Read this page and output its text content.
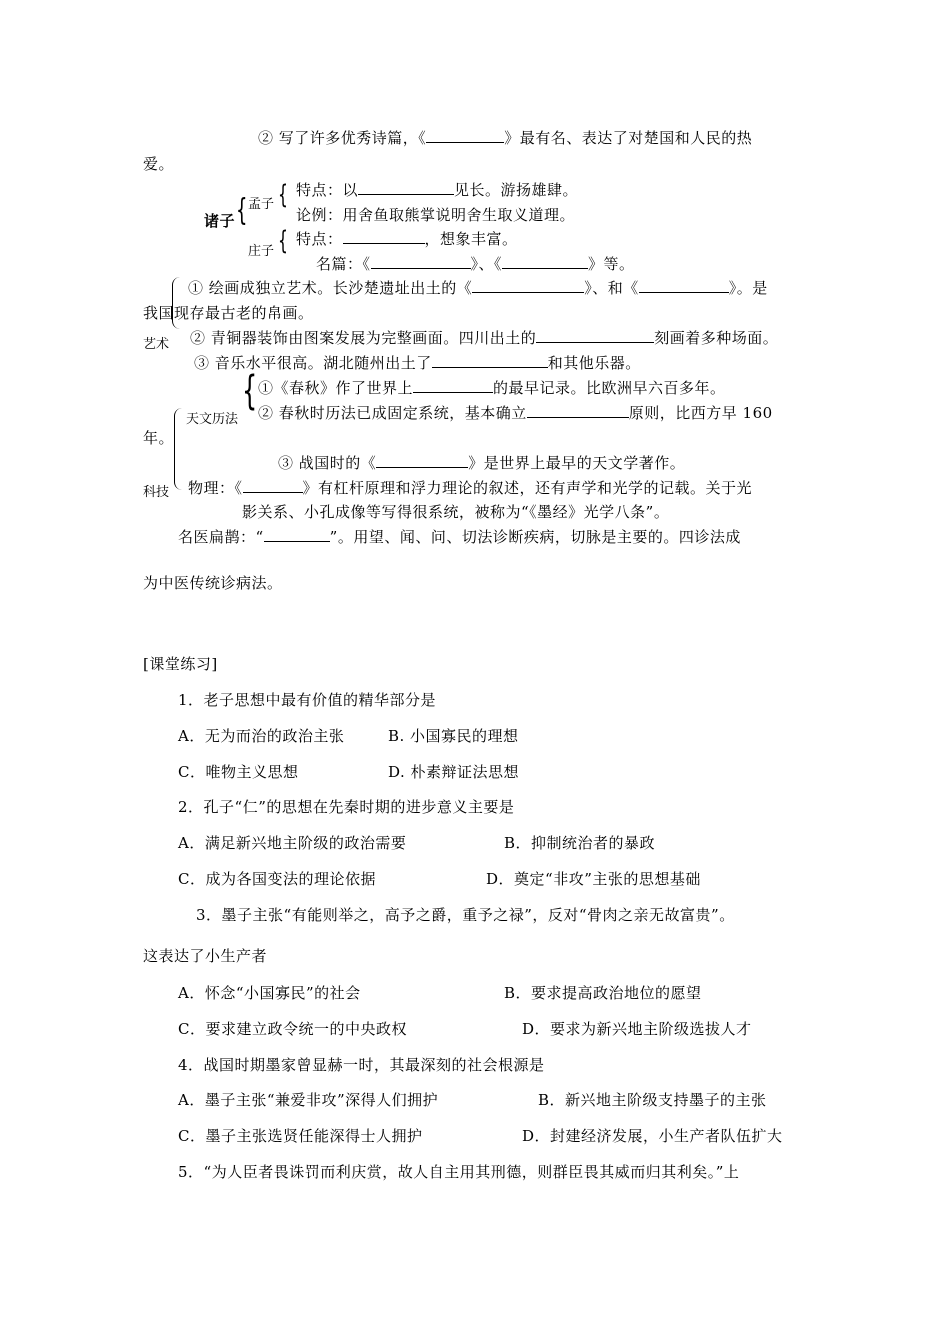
② 写了许多优秀诗篇，《	》最有名、表达了对楚国和人民的热
爱。
诸子 { 孟子
庄子
{
{
特点：以	见长。游扬雄肆。
论例：用舍鱼取熊掌说明舍生取义道理。
特点：	，想象丰富。
名篇：《	》、《	》等。
① 绘画成独立艺术。长沙楚遗址出土的《	》、和《	》。是
我国现存最古老的帛画。
② 青铜器装饰由图案发展为完整画面。四川出土的	刻画着多种场面。
艺术
③ 音乐水平很高。湖北随州出土了	和其他乐器。
{ ①《春秋》作了世界上	的最早记录。比欧洲早六百多年。
② 春秋时历法已成固定系统，基本确立	原则，比西方早 160
天文历法
年。
③ 战国时的《	》是世界上最早的天文学著作。
科技	物理：《	》有杠杆原理和浮力理论的叙述，还有声学和光学的记载。关于光
影关系、小孔成像等写得很系统，被称为“《墨经》光学八条”。
名医扁鹊：“	”。用望、闻、问、切法诊断疾病，切脉是主要的。四诊法成
为中医传统诊病法。
[课堂练习]
1．老子思想中最有价值的精华部分是
A．无为而治的政治主张	B. 小国寡民的理想
C．唯物主义思想	D. 朴素辩证法思想
2．孔子“仁”的思想在先秦时期的进步意义主要是
A．满足新兴地主阶级的政治需要	B．抑制统治者的暴政
C．成为各国变法的理论依据	D．奠定“非攻”主张的思想基础
3．墨子主张“有能则举之，高予之爵，重予之禄”，反对“骨肉之亲无故富贵”。
这表达了小生产者
A．怀念“小国寡民”的社会	B．要求提高政治地位的愿望
C．要求建立政令统一的中央政权	D．要求为新兴地主阶级选拔人才
4．战国时期墨家曾显赫一时，其最深刻的社会根源是
A．墨子主张“兼爱非攻”深得人们拥护	B．新兴地主阶级支持墨子的主张
C．墨子主张选贤任能深得士人拥护	D．封建经济发展，小生产者队伍扩大
5．“为人臣者畏诛罚而利庆赏，故人自主用其刑德，则群臣畏其威而归其利矣。”上
